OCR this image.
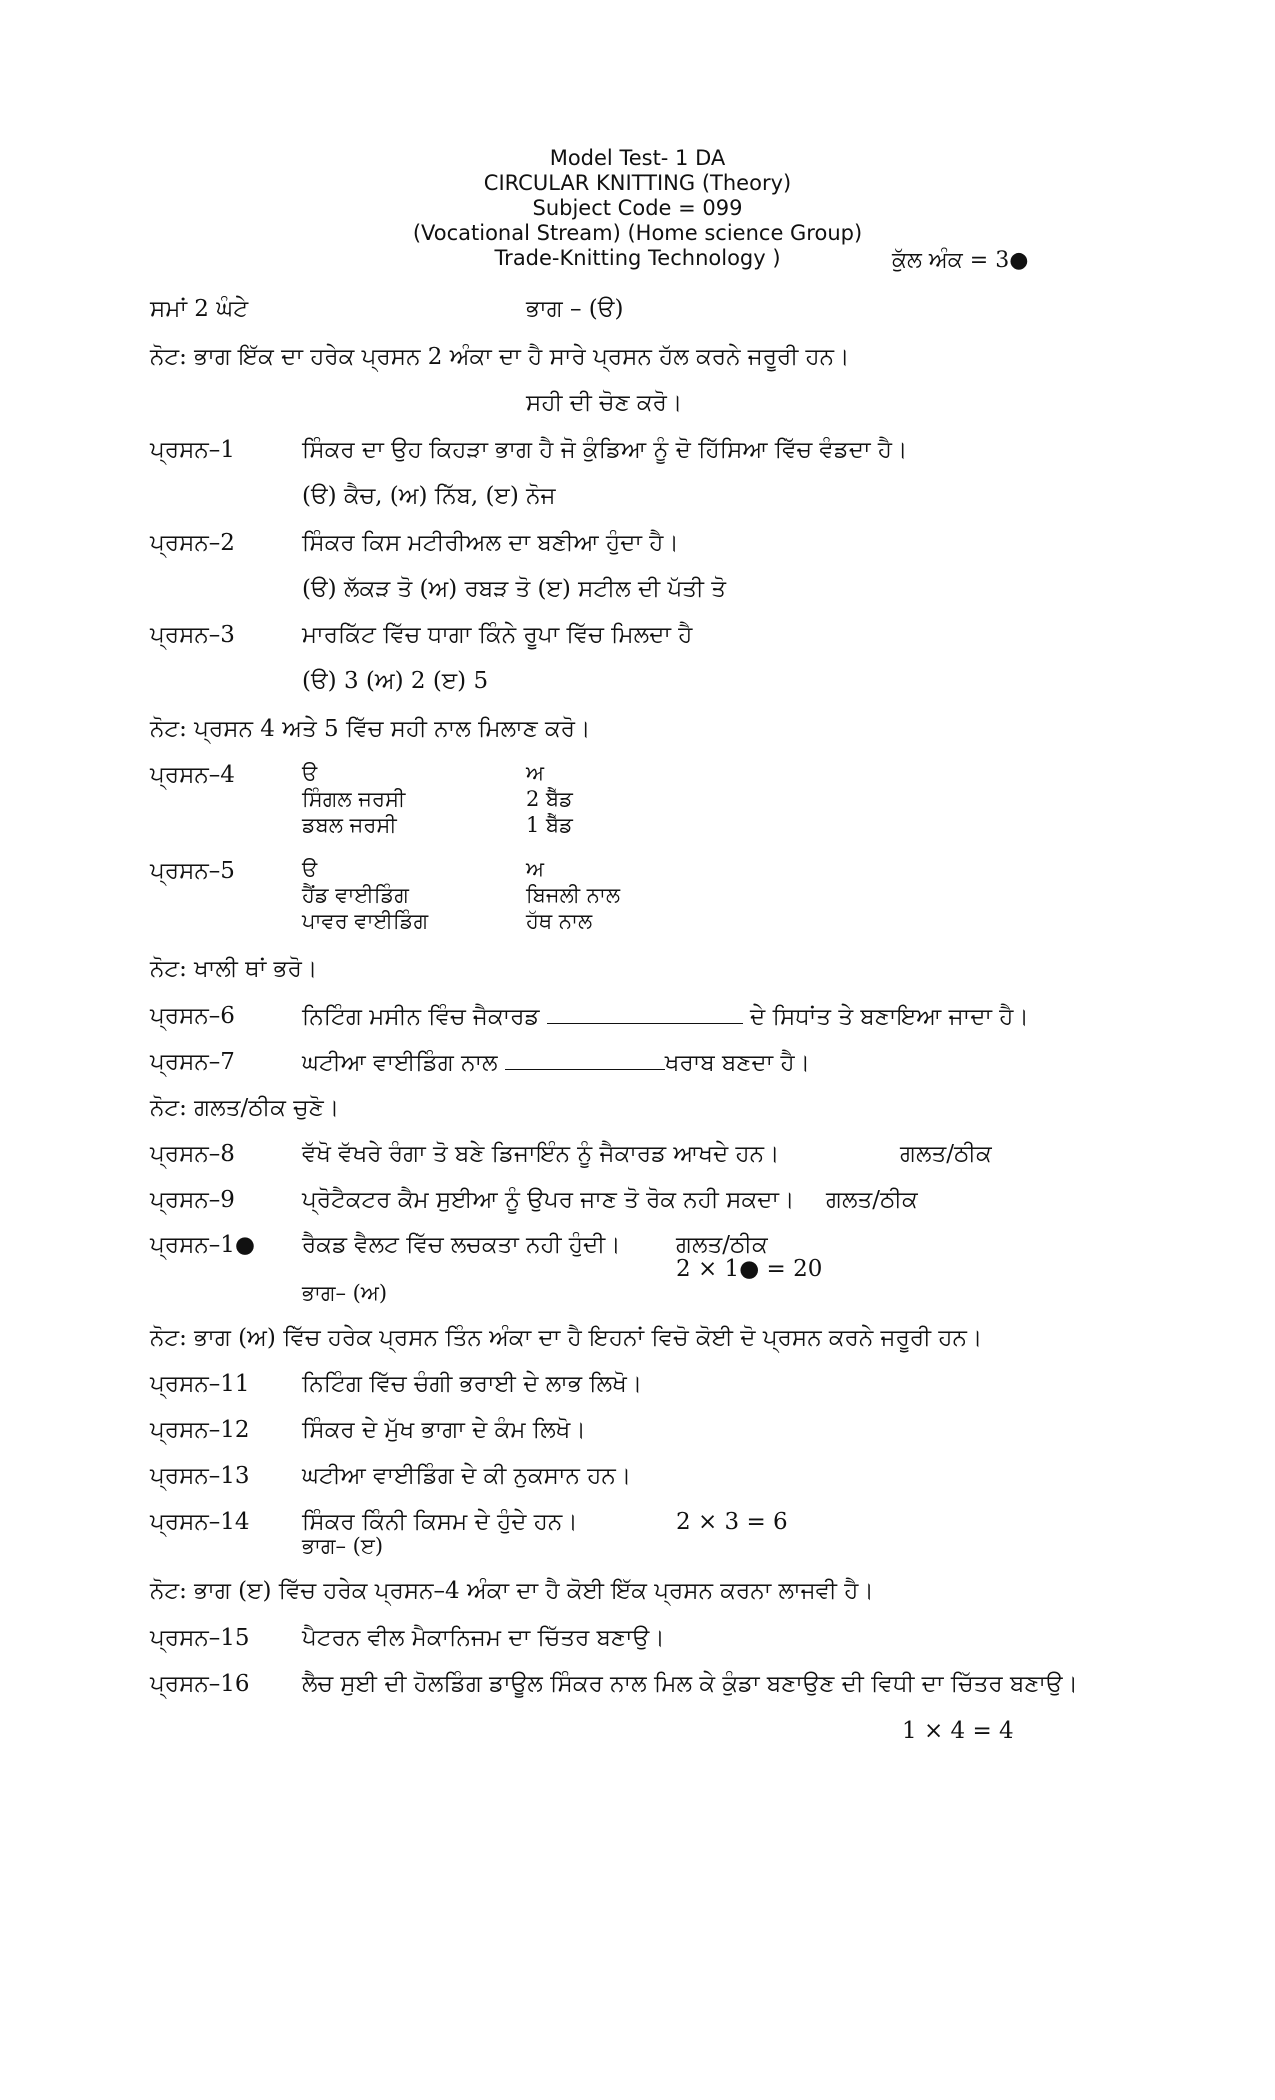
Model Test- 1 DA
CIRCULAR KNITTING (Theory)
Subject Code = 099
(Vocational Stream) (Home science Group)
Trade-Knitting Technology )	ਕੁੱਲ ਅੰਕ = 3●
ਸਮਾਂ 2 ਘੰਟੇ	ਭਾਗ – (ੳ)
ਨੋਟ: ਭਾਗ ਇੱਕ ਦਾ ਹਰੇਕ ਪ੍ਰਸਨ 2 ਅੰਕਾ ਦਾ ਹੈ ਸਾਰੇ ਪ੍ਰਸਨ ਹੱਲ ਕਰਨੇ ਜਰੂਰੀ ਹਨ।
ਸਹੀ ਦੀ ਚੋਣ ਕਰੋ।
ਪ੍ਰਸਨ–1	ਸਿੰਕਰ ਦਾ ਉਹ ਕਿਹੜਾ ਭਾਗ ਹੈ ਜੋ ਕੁੰਡਿਆ ਨੂੰ ਦੋ ਹਿੱਸਿਆ ਵਿੱਚ ਵੰਡਦਾ ਹੈ।
(ੳ) ਕੈਚ, (ਅ) ਨਿੱਬ, (ੲ) ਨੋਜ
ਪ੍ਰਸਨ–2	ਸਿੰਕਰ ਕਿਸ ਮਟੀਰੀਅਲ ਦਾ ਬਣੀਆ ਹੁੰਦਾ ਹੈ।
(ੳ) ਲੱਕੜ ਤੋ (ਅ) ਰਬੜ ਤੋ (ੲ) ਸਟੀਲ ਦੀ ਪੱਤੀ ਤੋ
ਪ੍ਰਸਨ–3	ਮਾਰਕਿੱਟ ਵਿੱਚ ਧਾਗਾ ਕਿੰਨੇ ਰੂਪਾ ਵਿੱਚ ਮਿਲਦਾ ਹੈ
(ੳ) 3 (ਅ) 2 (ੲ) 5
ਨੋਟ: ਪ੍ਰਸਨ 4 ਅਤੇ 5 ਵਿੱਚ ਸਹੀ ਨਾਲ ਮਿਲਾਣ ਕਰੋ।
ਪ੍ਰਸਨ–4	ੳ	ਅ
ਸਿੰਗਲ ਜਰਸੀ	2 ਬੈੱਡ
ਡਬਲ ਜਰਸੀ	1 ਬੈੱਡ
ਪ੍ਰਸਨ–5	ੳ	ਅ
ਹੈਂਡ ਵਾਈਡਿੰਗ	ਬਿਜਲੀ ਨਾਲ
ਪਾਵਰ ਵਾਈਡਿੰਗ	ਹੱਥ ਨਾਲ
ਨੋਟ: ਖਾਲੀ ਥਾਂ ਭਰੋ।
ਪ੍ਰਸਨ–6	ਨਿਟਿੰਗ ਮਸੀਨ ਵਿੰਚ ਜੈਕਾਰਡ	ਦੇ ਸਿਧਾਂਤ ਤੇ ਬਣਾਇਆ ਜਾਦਾ ਹੈ।
ਪ੍ਰਸਨ–7	ਘਟੀਆ ਵਾਈਡਿੰਗ ਨਾਲ	ਖਰਾਬ ਬਣਦਾ ਹੈ।
ਨੋਟ: ਗਲਤ/ਠੀਕ ਚੁਣੋ।
ਪ੍ਰਸਨ–8	ਵੱਖੋ ਵੱਖਰੇ ਰੰਗਾ ਤੋ ਬਣੇ ਡਿਜਾਇੰਨ ਨੂੰ ਜੈਕਾਰਡ ਆਖਦੇ ਹਨ।	ਗਲਤ/ਠੀਕ
ਪ੍ਰਸਨ–9	ਪ੍ਰੋਟੈਕਟਰ ਕੈਮ ਸੁਈਆ ਨੂੰ ਉਪਰ ਜਾਣ ਤੋ ਰੋਕ ਨਹੀ ਸਕਦਾ। ਗਲਤ/ਠੀਕ
ਪ੍ਰਸਨ–1● ਰੈਕਡ ਵੈਲਟ ਵਿੱਚ ਲਚਕਤਾ ਨਹੀ ਹੁੰਦੀ। ਗਲਤ/ਠੀਕ
2 × 1● = 20
ਭਾਗ– (ਅ)
ਨੋਟ: ਭਾਗ (ਅ) ਵਿੱਚ ਹਰੇਕ ਪ੍ਰਸਨ ਤਿੰਨ ਅੰਕਾ ਦਾ ਹੈ ਇਹਨਾਂ ਵਿਚੋ ਕੋਈ ਦੋ ਪ੍ਰਸਨ ਕਰਨੇ ਜਰੂਰੀ ਹਨ।
ਪ੍ਰਸਨ–11 ਨਿਟਿੰਗ ਵਿੱਚ ਚੰਗੀ ਭਰਾਈ ਦੇ ਲਾਭ ਲਿਖੋ।
ਪ੍ਰਸਨ–12 ਸਿੰਕਰ ਦੇ ਮੁੱਖ ਭਾਗਾ ਦੇ ਕੰਮ ਲਿਖੋ।
ਪ੍ਰਸਨ–13 ਘਟੀਆ ਵਾਈਡਿੰਗ ਦੇ ਕੀ ਨੁਕਸਾਨ ਹਨ।
ਪ੍ਰਸਨ–14 ਸਿੰਕਰ ਕਿੰਨੀ ਕਿਸਮ ਦੇ ਹੁੰਦੇ ਹਨ।	2 × 3 = 6
ਭਾਗ– (ੲ)
ਨੋਟ: ਭਾਗ (ੲ) ਵਿੱਚ ਹਰੇਕ ਪ੍ਰਸਨ–4 ਅੰਕਾ ਦਾ ਹੈ ਕੋਈ ਇੱਕ ਪ੍ਰਸਨ ਕਰਨਾ ਲਾਜਵੀ ਹੈ।
ਪ੍ਰਸਨ–15 ਪੈਟਰਨ ਵੀਲ ਮੈਕਾਨਿਜਮ ਦਾ ਚਿੱਤਰ ਬਣਾਉ।
ਪ੍ਰਸਨ–16 ਲੈਚ ਸੁਈ ਦੀ ਹੋਲਡਿੰਗ ਡਾਊਲ ਸਿੰਕਰ ਨਾਲ ਮਿਲ ਕੇ ਕੁੰਡਾ ਬਣਾਉਣ ਦੀ ਵਿਧੀ ਦਾ ਚਿੱਤਰ ਬਣਾਉ।
1 × 4 = 4
